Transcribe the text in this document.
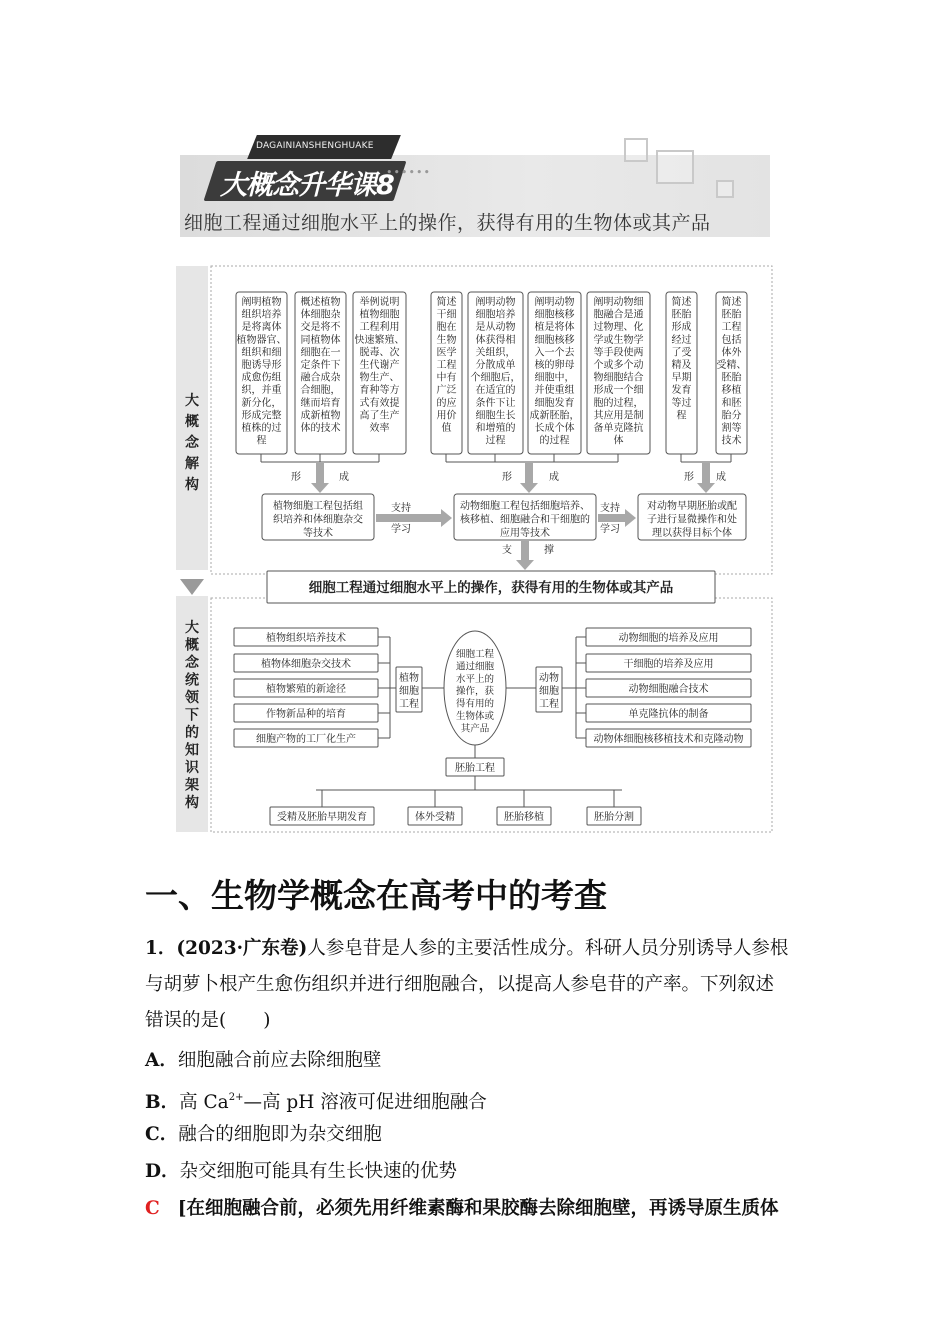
DAGAINIANSHENGHUAKE
大概念升华课8
••••••
细胞工程通过细胞水平上的操作，获得有用的生物体或其产品
大
概
念
解
构
大
概
念
统
领
下
的
知
识
架
构
阐明植物
组织培养
是将离体
植物器官、
组织和细
胞诱导形
成愈伤组
织，并重
新分化，
形成完整
植株的过
程
概述植物
体细胞杂
交是将不
同植物体
细胞在一
定条件下
融合成杂
合细胞，
继而培育
成新植物
体的技术
举例说明
植物细胞
工程利用
快速繁殖、
脱毒、次
生代谢产
物生产、
育种等方
式有效提
高了生产
效率
简述
干细
胞在
生物
医学
工程
中有
广泛
的应
用价
值
阐明动物
细胞培养
是从动物
体获得相
关组织，
分散成单
个细胞后，
在适宜的
条件下让
细胞生长
和增殖的
过程
阐明动物
细胞核移
植是将体
细胞核移
入一个去
核的卵母
细胞中，
并使重组
细胞发育
成新胚胎，
长成个体
的过程
阐明动物细
胞融合是通
过物理、化
学或生物学
等手段使两
个或多个动
物细胞结合
形成一个细
胞的过程，
其应用是制
备单克隆抗
体
简述
胚胎
形成
经过
了受
精及
早期
发育
等过
程
简述
胚胎
工程
包括
体外
受精、
胚胎
移植
和胚
胎分
割等
技术
形	成	形	成	形 成
植物细胞工程包括组
织培养和体细胞杂交
等技术
动物细胞工程包括细胞培养、
核移植、细胞融合和干细胞的
应用等技术
对动物早期胚胎或配
子进行显微操作和处
理以获得目标个体
支持
学习
支持
学习
支	撑
细胞工程通过细胞水平上的操作，获得有用的生物体或其产品
植物组织培养技术
植物体细胞杂交技术
植物繁殖的新途径
作物新品种的培育
细胞产物的工厂化生产
植物
细胞
工程
细胞工程
通过细胞
水平上的
操作，获
得有用的
生物体或
其产品
动物
细胞
工程
动物细胞的培养及应用
干细胞的培养及应用
动物细胞融合技术
单克隆抗体的制备
动物体细胞核移植技术和克隆动物
胚胎工程
受精及胚胎早期发育	体外受精	胚胎移植	胚胎分割
一、生物学概念在高考中的考查

1．(2023·广东卷)人参皂苷是人参的主要活性成分。科研人员分别诱导人参根

与胡萝卜根产生愈伤组织并进行细胞融合，以提高人参皂苷的产率。下列叙述

错误的是(　　)

A．细胞融合前应去除细胞壁

B．高 $Ca^{2+}—$高 pH 溶液可促进细胞融合

C．融合的细胞即为杂交细胞

D．杂交细胞可能具有生长快速的优势

C [在细胞融合前，必须先用纤维素酶和果胶酶去除细胞壁，再诱导原生质体
